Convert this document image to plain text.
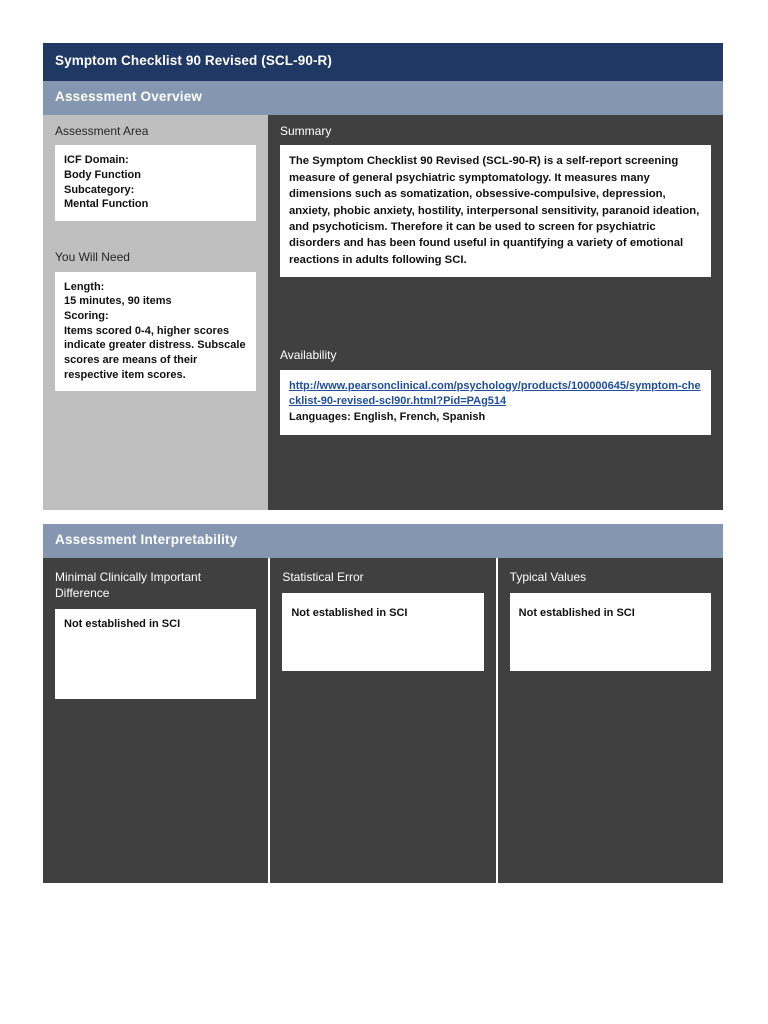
Symptom Checklist 90 Revised (SCL-90-R)
Assessment Overview
Assessment Area

ICF Domain:

Body Function

Subcategory:

Mental Function

You Will Need

Length:

15 minutes, 90 items

Scoring:

Items scored 0-4, higher scores indicate greater distress. Subscale scores are means of their respective item scores.

Summary

The Symptom Checklist 90 Revised (SCL-90-R) is a self-report screening measure of general psychiatric symptomatology. It measures many dimensions such as somatization, obsessive-compulsive, depression, anxiety, phobic anxiety, hostility, interpersonal sensitivity, paranoid ideation, and psychoticism. Therefore it can be used to screen for psychiatric disorders and has been found useful in quantifying a variety of emotional reactions in adults following SCI.

Availability
http://www.pearsonclinical.com/psychology/products/100000645/symptom-checklist-90-revised-scl90r.html?Pid=PAg514
Languages: English, French, Spanish
Assessment Interpretability
Minimal Clinically Important Difference
Not established in SCI
Statistical Error
Not established in SCI
Typical Values
Not established in SCI
